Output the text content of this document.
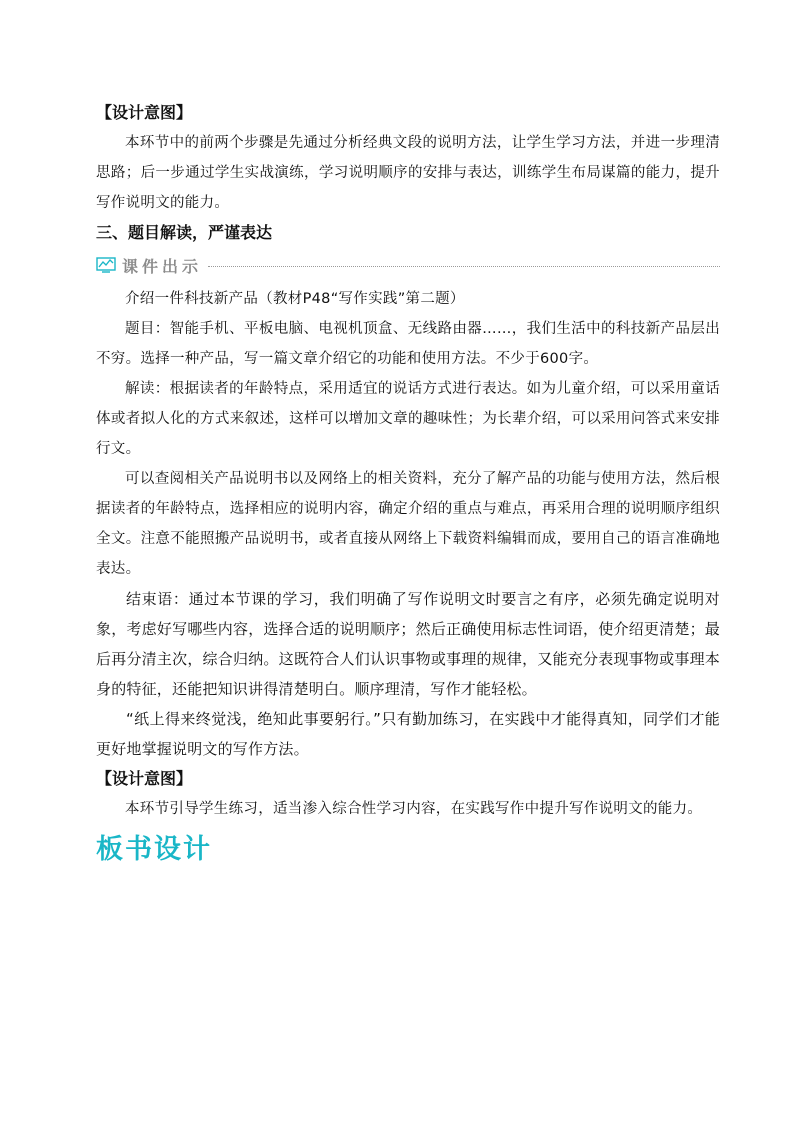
【设计意图】

本环节中的前两个步骤是先通过分析经典文段的说明方法，让学生学习方法，并进一步理清思路；后一步通过学生实战演练，学习说明顺序的安排与表达，训练学生布局谋篇的能力，提升写作说明文的能力。

三、题目解读，严谨表达

课件出示

介绍一件科技新产品（教材P48“写作实践”第二题）

题目：智能手机、平板电脑、电视机顶盒、无线路由器……，我们生活中的科技新产品层出不穷。选择一种产品，写一篇文章介绍它的功能和使用方法。不少于600字。

解读：根据读者的年龄特点，采用适宜的说话方式进行表达。如为儿童介绍，可以采用童话体或者拟人化的方式来叙述，这样可以增加文章的趣味性；为长辈介绍，可以采用问答式来安排行文。

可以查阅相关产品说明书以及网络上的相关资料，充分了解产品的功能与使用方法，然后根据读者的年龄特点，选择相应的说明内容，确定介绍的重点与难点，再采用合理的说明顺序组织全文。注意不能照搬产品说明书，或者直接从网络上下载资料编辑而成，要用自己的语言准确地表达。

结束语：通过本节课的学习，我们明确了写作说明文时要言之有序，必须先确定说明对象，考虑好写哪些内容，选择合适的说明顺序；然后正确使用标志性词语，使介绍更清楚；最后再分清主次，综合归纳。这既符合人们认识事物或事理的规律，又能充分表现事物或事理本身的特征，还能把知识讲得清楚明白。顺序理清，写作才能轻松。

“纸上得来终觉浅，绝知此事要躬行。”只有勤加练习，在实践中才能得真知，同学们才能更好地掌握说明文的写作方法。

【设计意图】

本环节引导学生练习，适当渗入综合性学习内容，在实践写作中提升写作说明文的能力。

板书设计
